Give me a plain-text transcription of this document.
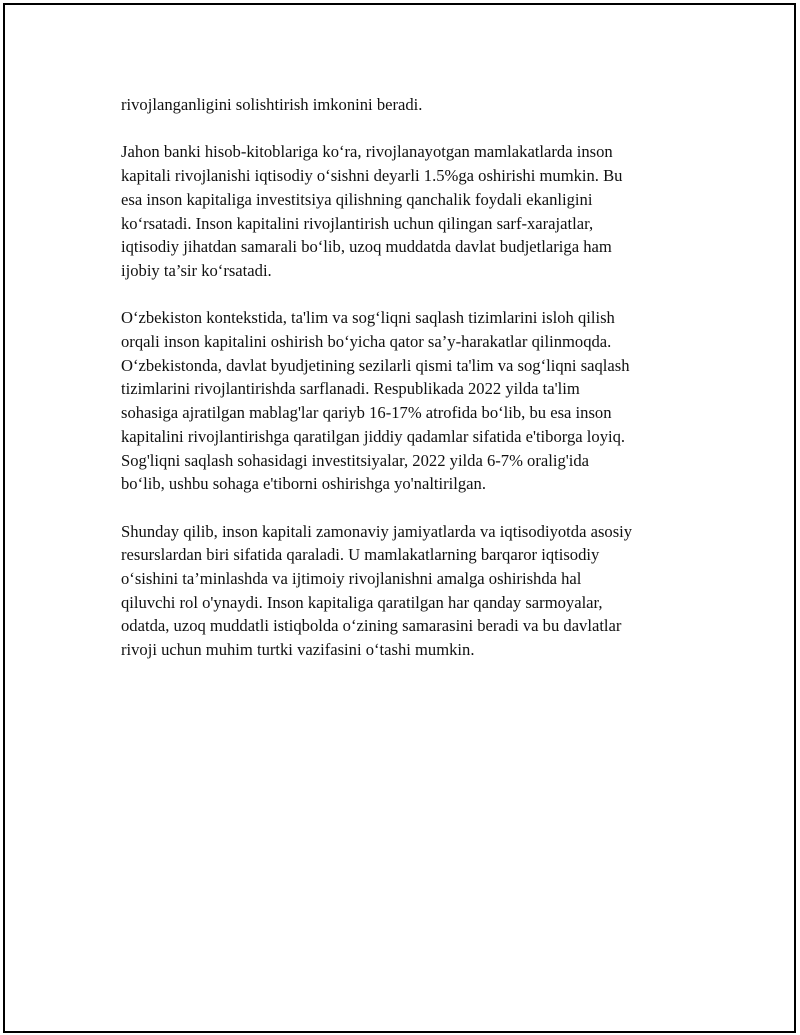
rivojlanganligini solishtirish imkonini beradi.

Jahon banki hisob-kitoblariga ko‘ra, rivojlanayotgan mamlakatlarda inson
kapitali rivojlanishi iqtisodiy o‘sishni deyarli 1.5%ga oshirishi mumkin. Bu
esa inson kapitaliga investitsiya qilishning qanchalik foydali ekanligini
ko‘rsatadi. Inson kapitalini rivojlantirish uchun qilingan sarf-xarajatlar,
iqtisodiy jihatdan samarali bo‘lib, uzoq muddatda davlat budjetlariga ham
ijobiy ta’sir ko‘rsatadi.

O‘zbekiston kontekstida, ta'lim va sog‘liqni saqlash tizimlarini isloh qilish
orqali inson kapitalini oshirish bo‘yicha qator sa’y-harakatlar qilinmoqda.
O‘zbekistonda, davlat byudjetining sezilarli qismi ta'lim va sog‘liqni saqlash
tizimlarini rivojlantirishda sarflanadi. Respublikada 2022 yilda ta'lim
sohasiga ajratilgan mablag'lar qariyb 16-17% atrofida bo‘lib, bu esa inson
kapitalini rivojlantirishga qaratilgan jiddiy qadamlar sifatida e'tiborga loyiq.
Sog'liqni saqlash sohasidagi investitsiyalar, 2022 yilda 6-7% oralig'ida
bo‘lib, ushbu sohaga e'tiborni oshirishga yo'naltirilgan.

Shunday qilib, inson kapitali zamonaviy jamiyatlarda va iqtisodiyotda asosiy
resurslardan biri sifatida qaraladi. U mamlakatlarning barqaror iqtisodiy
o‘sishini ta’minlashda va ijtimoiy rivojlanishni amalga oshirishda hal
qiluvchi rol o'ynaydi. Inson kapitaliga qaratilgan har qanday sarmoyalar,
odatda, uzoq muddatli istiqbolda o‘zining samarasini beradi va bu davlatlar
rivoji uchun muhim turtki vazifasini o‘tashi mumkin.
